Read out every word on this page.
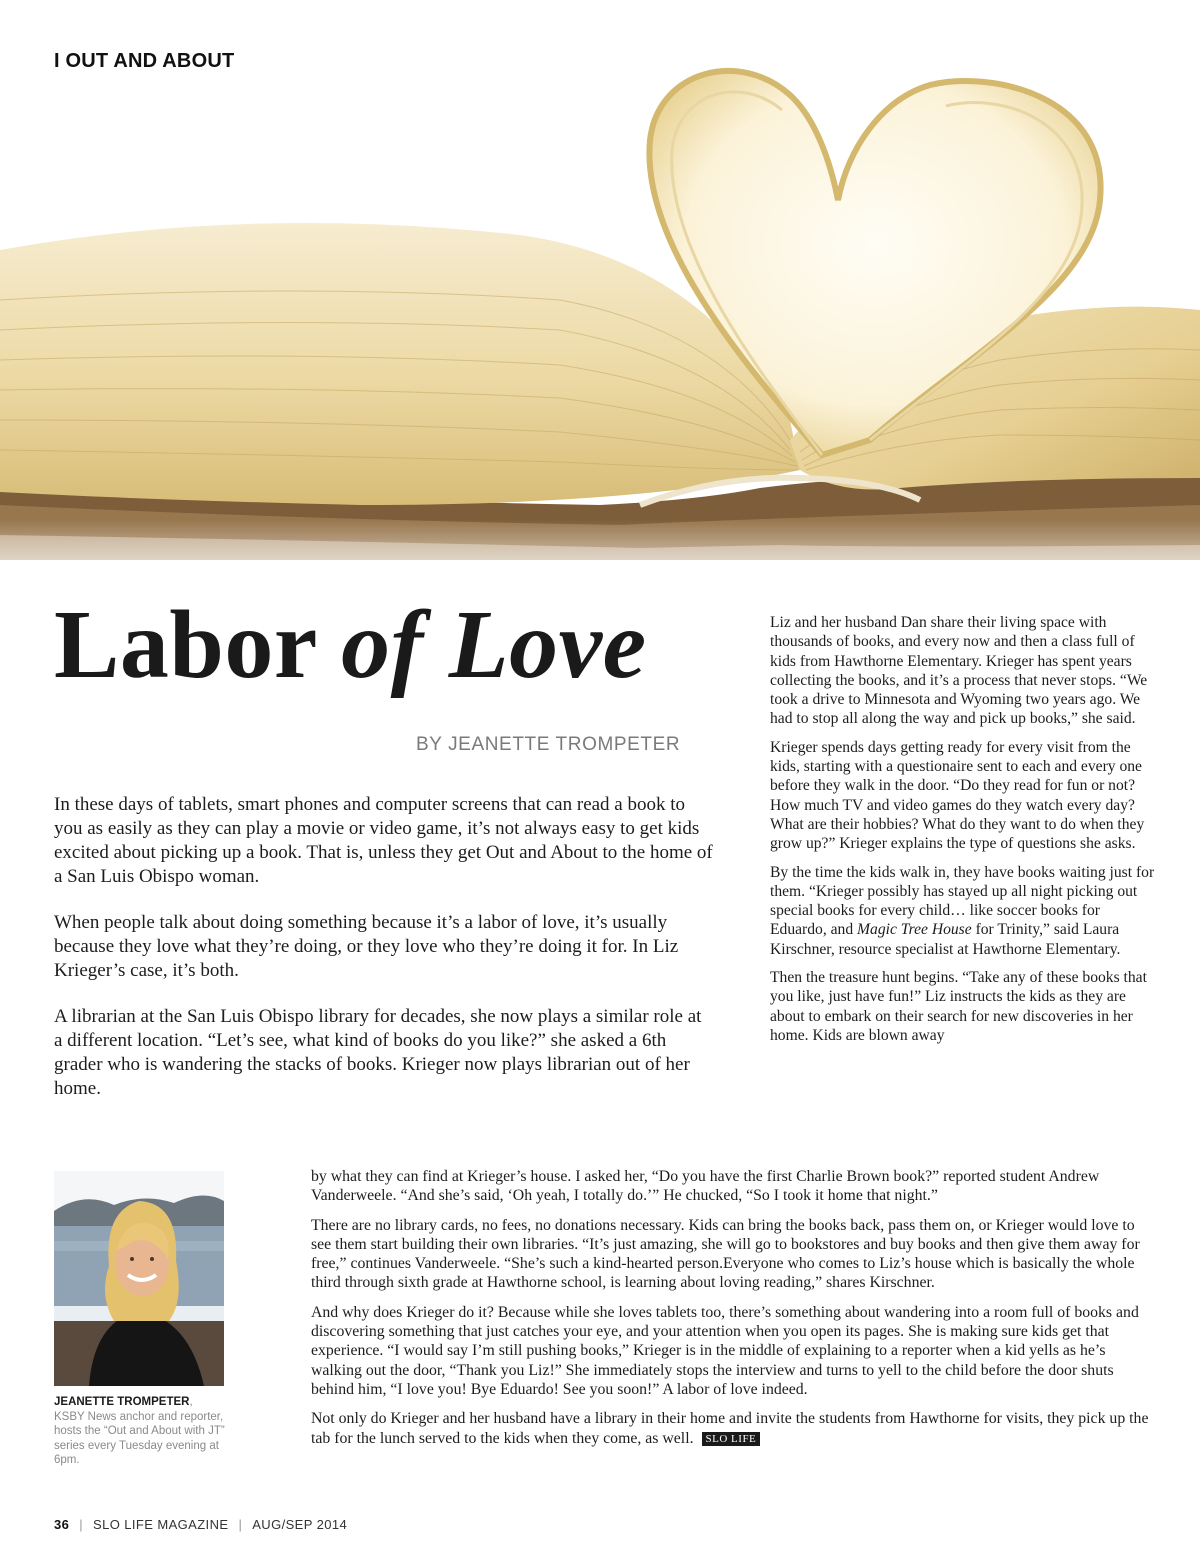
I OUT AND ABOUT
Labor of Love
BY JEANETTE TROMPETER

In these days of tablets, smart phones and computer screens that can read a book to you as easily as they can play a movie or video game, it’s not always easy to get kids excited about picking up a book. That is, unless they get Out and About to the home of a San Luis Obispo woman.

When people talk about doing something because it’s a labor of love, it’s usually because they love what they’re doing, or they love who they’re doing it for. In Liz Krieger’s case, it’s both.

A librarian at the San Luis Obispo library for decades, she now plays a similar role at a different location. “Let’s see, what kind of books do you like?” she asked a 6th grader who is wandering the stacks of books. Krieger now plays librarian out of her home.

Liz and her husband Dan share their living space with thousands of books, and every now and then a class full of kids from Hawthorne Elementary. Krieger has spent years collecting the books, and it’s a process that never stops. “We took a drive to Minnesota and Wyoming two years ago. We had to stop all along the way and pick up books,” she said.

Krieger spends days getting ready for every visit from the kids, starting with a questionaire sent to each and every one before they walk in the door. “Do they read for fun or not? How much TV and video games do they watch every day? What are their hobbies? What do they want to do when they grow up?” Krieger explains the type of questions she asks.

By the time the kids walk in, they have books waiting just for them. “Krieger possibly has stayed up all night picking out special books for every child… like soccer books for Eduardo, and Magic Tree House for Trinity,” said Laura Kirschner, resource specialist at Hawthorne Elementary.

Then the treasure hunt begins. “Take any of these books that you like, just have fun!” Liz instructs the kids as they are about to embark on their search for new discoveries in her home. Kids are blown away

JEANETTE TROMPETER,
KSBY News anchor and reporter, hosts the “Out and About with JT” series every Tuesday evening at 6pm.

by what they can find at Krieger’s house. I asked her, “Do you have the first Charlie Brown book?” reported student Andrew Vanderweele. “And she’s said, ‘Oh yeah, I totally do.’” He chucked, “So I took it home that night.”

There are no library cards, no fees, no donations necessary. Kids can bring the books back, pass them on, or Krieger would love to see them start building their own libraries. “It’s just amazing, she will go to bookstores and buy books and then give them away for free,” continues Vanderweele. “She’s such a kind-hearted person.Everyone who comes to Liz’s house which is basically the whole third through sixth grade at Hawthorne school, is learning about loving reading,” shares Kirschner.

And why does Krieger do it? Because while she loves tablets too, there’s something about wandering into a room full of books and discovering something that just catches your eye, and your attention when you open its pages. She is making sure kids get that experience. “I would say I’m still pushing books,” Krieger is in the middle of explaining to a reporter when a kid yells as he’s walking out the door, “Thank you Liz!” She immediately stops the interview and turns to yell to the child before the door shuts behind him, “I love you! Bye Eduardo! See you soon!” A labor of love indeed.

Not only do Krieger and her husband have a library in their home and invite the students from Hawthorne for visits, they pick up the tab for the lunch served to the kids when they come, as well. SLO LIFE

36 | SLO LIFE MAGAZINE | AUG/SEP 2014
